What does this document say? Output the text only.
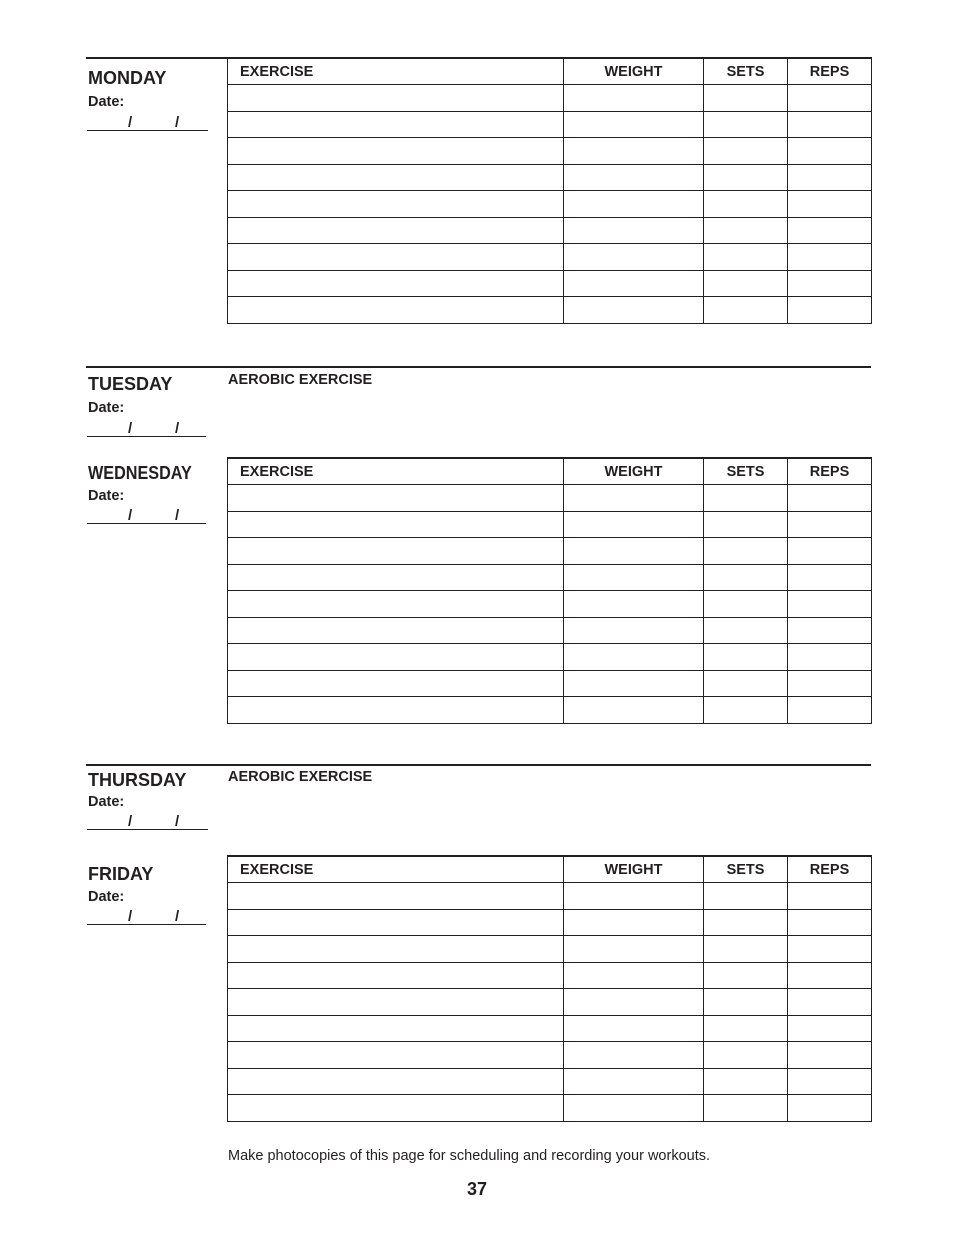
MONDAY
Date:
/	/
EXERCISE	WEIGHT	SETS	REPS

TUESDAY
Date:
AEROBIC EXERCISE
/	/
WEDNESDAY
Date:
/	/
EXERCISE	WEIGHT	SETS	REPS

THURSDAY
Date:
AEROBIC EXERCISE
/	/
FRIDAY
Date:
/	/
EXERCISE	WEIGHT	SETS	REPS

Make photocopies of this page for scheduling and recording your workouts.
37
